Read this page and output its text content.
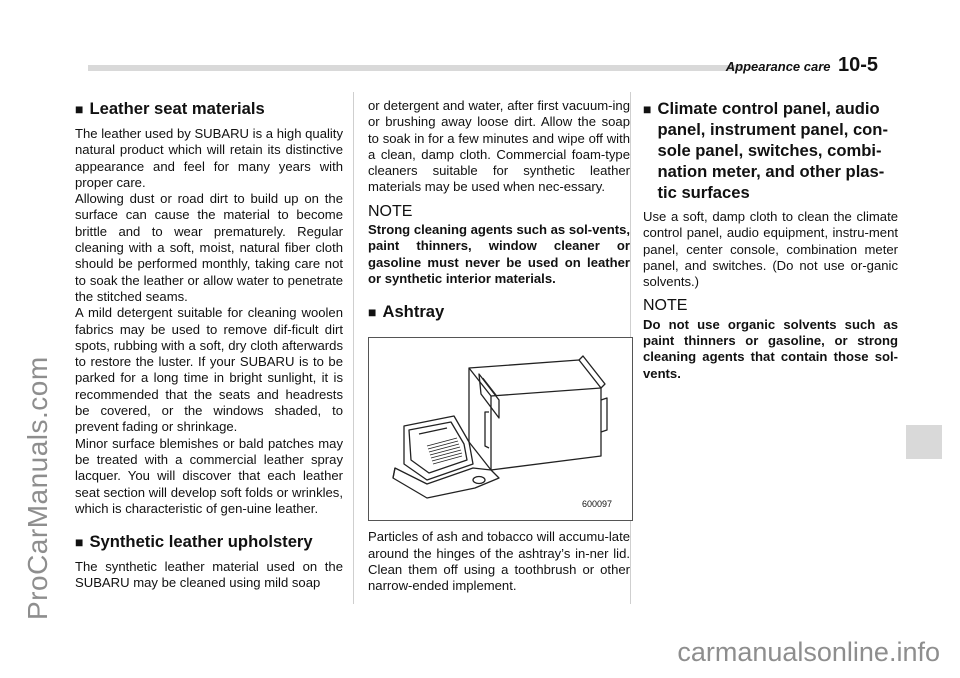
ProCarManuals.com
carmanualsonline.info
Appearance care 10-5
■ Leather seat materials

The leather used by SUBARU is a high quality natural product which will retain its distinctive appearance and feel for many years with proper care.

Allowing dust or road dirt to build up on the surface can cause the material to become brittle and to wear prematurely. Regular cleaning with a soft, moist, natural fiber cloth should be performed monthly, taking care not to soak the leather or allow water to penetrate the stitched seams.

A mild detergent suitable for cleaning woolen fabrics may be used to remove dif-ficult dirt spots, rubbing with a soft, dry cloth afterwards to restore the luster. If your SUBARU is to be parked for a long time in bright sunlight, it is recommended that the seats and headrests be covered, or the windows shaded, to prevent fading or shrinkage.

Minor surface blemishes or bald patches may be treated with a commercial leather spray lacquer. You will discover that each leather seat section will develop soft folds or wrinkles, which is characteristic of gen-uine leather.

■ Synthetic leather upholstery

The synthetic leather material used on the SUBARU may be cleaned using mild soap

or detergent and water, after first vacuum-ing or brushing away loose dirt. Allow the soap to soak in for a few minutes and wipe off with a clean, damp cloth. Commercial foam-type cleaners suitable for synthetic leather materials may be used when nec-essary.

NOTE
Strong cleaning agents such as sol-vents, paint thinners, window cleaner or gasoline must never be used on leather or synthetic interior materials.
■ Ashtray
600097

Particles of ash and tobacco will accumu-late around the hinges of the ashtray’s in-ner lid. Clean them off using a toothbrush or other narrow-ended implement.

■ Climate control panel, audio panel, instrument panel, con-sole panel, switches, combi-nation meter, and other plas-tic surfaces

Use a soft, damp cloth to clean the climate control panel, audio equipment, instru-ment panel, center console, combination meter panel, and switches. (Do not use or-ganic solvents.)

NOTE
Do not use organic solvents such as paint thinners or gasoline, or strong cleaning agents that contain those sol-vents.
